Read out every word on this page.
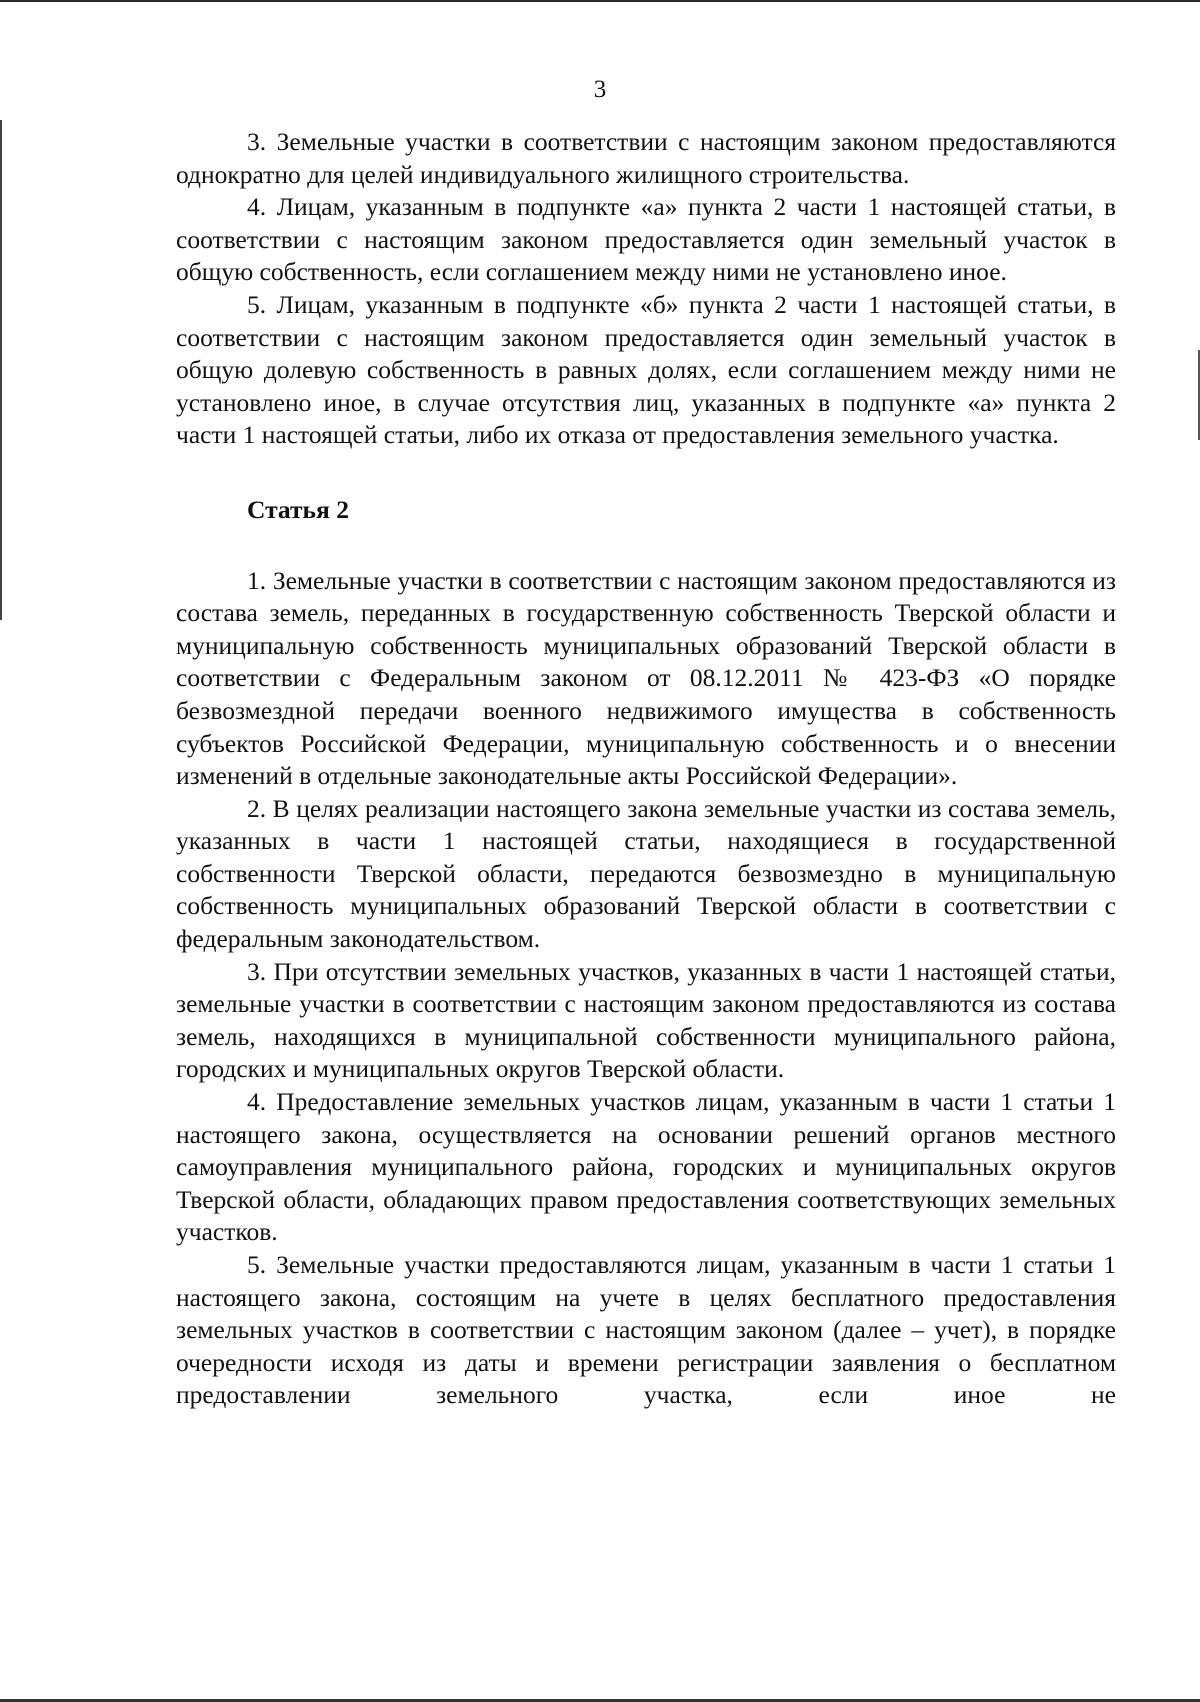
3

3. Земельные участки в соответствии с настоящим законом предоставляются однократно для целей индивидуального жилищного строительства.

4. Лицам, указанным в подпункте «а» пункта 2 части 1 настоящей статьи, в соответствии с настоящим законом предоставляется один земельный участок в общую собственность, если соглашением между ними не установлено иное.

5. Лицам, указанным в подпункте «б» пункта 2 части 1 настоящей статьи, в соответствии с настоящим законом предоставляется один земельный участок в общую долевую собственность в равных долях, если соглашением между ними не установлено иное, в случае отсутствия лиц, указанных в подпункте «а» пункта 2 части 1 настоящей статьи, либо их отказа от предоставления земельного участка.

Статья 2

1. Земельные участки в соответствии с настоящим законом предоставляются из состава земель, переданных в государственную собственность Тверской области и муниципальную собственность муниципальных образований Тверской области в соответствии с Федеральным законом от 08.12.2011 № 423-ФЗ «О порядке безвозмездной передачи военного недвижимого имущества в собственность субъектов Российской Федерации, муниципальную собственность и о внесении изменений в отдельные законодательные акты Российской Федерации».

2. В целях реализации настоящего закона земельные участки из состава земель, указанных в части 1 настоящей статьи, находящиеся в государственной собственности Тверской области, передаются безвозмездно в муниципальную собственность муниципальных образований Тверской области в соответствии с федеральным законодательством.

3. При отсутствии земельных участков, указанных в части 1 настоящей статьи, земельные участки в соответствии с настоящим законом предоставляются из состава земель, находящихся в муниципальной собственности муниципального района, городских и муниципальных округов Тверской области.

4. Предоставление земельных участков лицам, указанным в части 1 статьи 1 настоящего закона, осуществляется на основании решений органов местного самоуправления муниципального района, городских и муниципальных округов Тверской области, обладающих правом предоставления соответствующих земельных участков.

5. Земельные участки предоставляются лицам, указанным в части 1 статьи 1 настоящего закона, состоящим на учете в целях бесплатного предоставления земельных участков в соответствии с настоящим законом (далее – учет), в порядке очередности исходя из даты и времени регистрации заявления о бесплатном предоставлении земельного участка, если иное не
